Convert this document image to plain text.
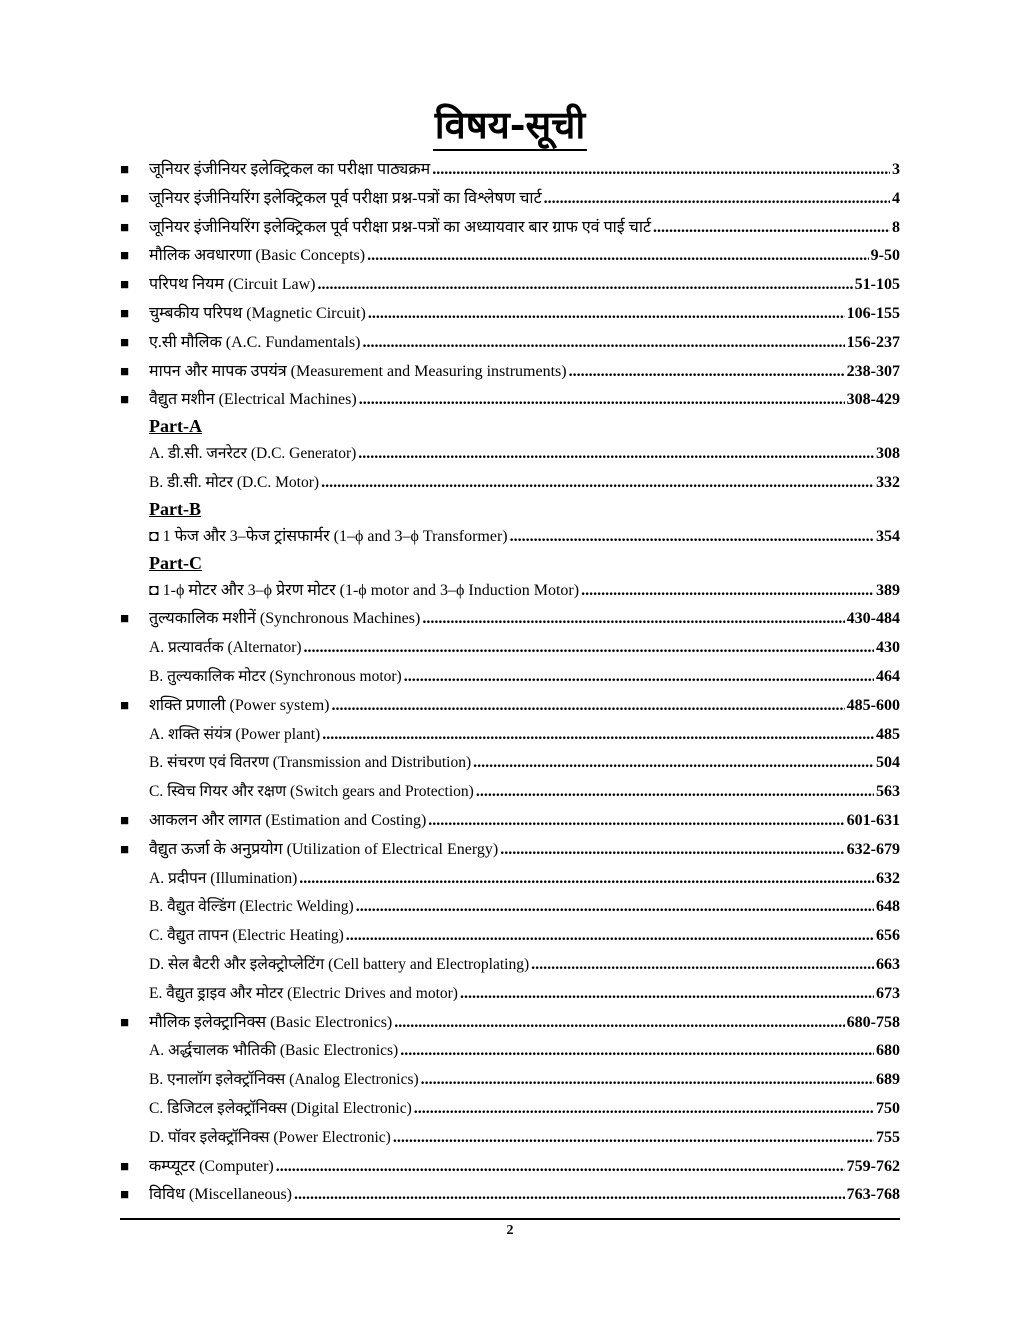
विषय-सूची
■	जूनियर इंजीनियर इलेक्ट्रिकल का परीक्षा पाठ्यक्रम .....	3
■	जूनियर इंजीनियरिंग इलेक्ट्रिकल पूर्व परीक्षा प्रश्न-पत्रों का विश्लेषण चार्ट .....	4
■	जूनियर इंजीनियरिंग इलेक्ट्रिकल पूर्व परीक्षा प्रश्न-पत्रों का अध्यायवार बार ग्राफ एवं पाई चार्ट .....	8
■	मौलिक अवधारणा (Basic Concepts) .....	9-50
■	परिपथ नियम (Circuit Law) .....	51-105
■	चुम्बकीय परिपथ (Magnetic Circuit) .....	106-155
■	ए.सी मौलिक (A.C. Fundamentals) .....	156-237
■	मापन और मापक उपयंत्र (Measurement and Measuring instruments) .....	238-307
■	वैद्युत मशीन (Electrical Machines) .....	308-429
Part-A
A. डी.सी. जनरेटर (D.C. Generator) .....	308
B. डी.सी. मोटर (D.C. Motor) .....	332
Part-B
◘ 1 फेज और 3–फेज ट्रांसफार्मर (1–ϕ and 3–ϕ Transformer) .....	354
Part-C
◘ 1-ϕ मोटर और 3–ϕ प्रेरण मोटर (1-ϕ motor and 3–ϕ Induction Motor) .....	389
■	तुल्यकालिक मशीनें (Synchronous Machines) .....	430-484
A. प्रत्यावर्तक (Alternator) .....	430
B. तुल्यकालिक मोटर (Synchronous motor) .....	464
■	शक्ति प्रणाली (Power system) .....	485-600
A. शक्ति संयंत्र (Power plant) .....	485
B. संचरण एवं वितरण (Transmission and Distribution) .....	504
C. स्विच गियर और रक्षण (Switch gears and Protection) .....	563
■	आकलन और लागत (Estimation and Costing) .....	601-631
■	वैद्युत ऊर्जा के अनुप्रयोग (Utilization of Electrical Energy) .....	632-679
A. प्रदीपन (Illumination) .....	632
B. वैद्युत वेल्डिंग (Electric Welding) .....	648
C. वैद्युत तापन (Electric Heating) .....	656
D. सेल बैटरी और इलेक्ट्रोप्लेटिंग (Cell battery and Electroplating) .....	663
E. वैद्युत ड्राइव और मोटर (Electric Drives and motor) .....	673
■	मौलिक इलेक्ट्रानिक्स (Basic Electronics) .....	680-758
A. अर्द्धचालक भौतिकी (Basic Electronics) .....	680
B. एनालॉग इलेक्ट्रॉनिक्स (Analog Electronics) .....	689
C. डिजिटल इलेक्ट्रॉनिक्स (Digital Electronic) .....	750
D. पॉवर इलेक्ट्रॉनिक्स (Power Electronic) .....	755
■	कम्प्यूटर (Computer) .....	759-762
■	विविध (Miscellaneous) .....	763-768
2
